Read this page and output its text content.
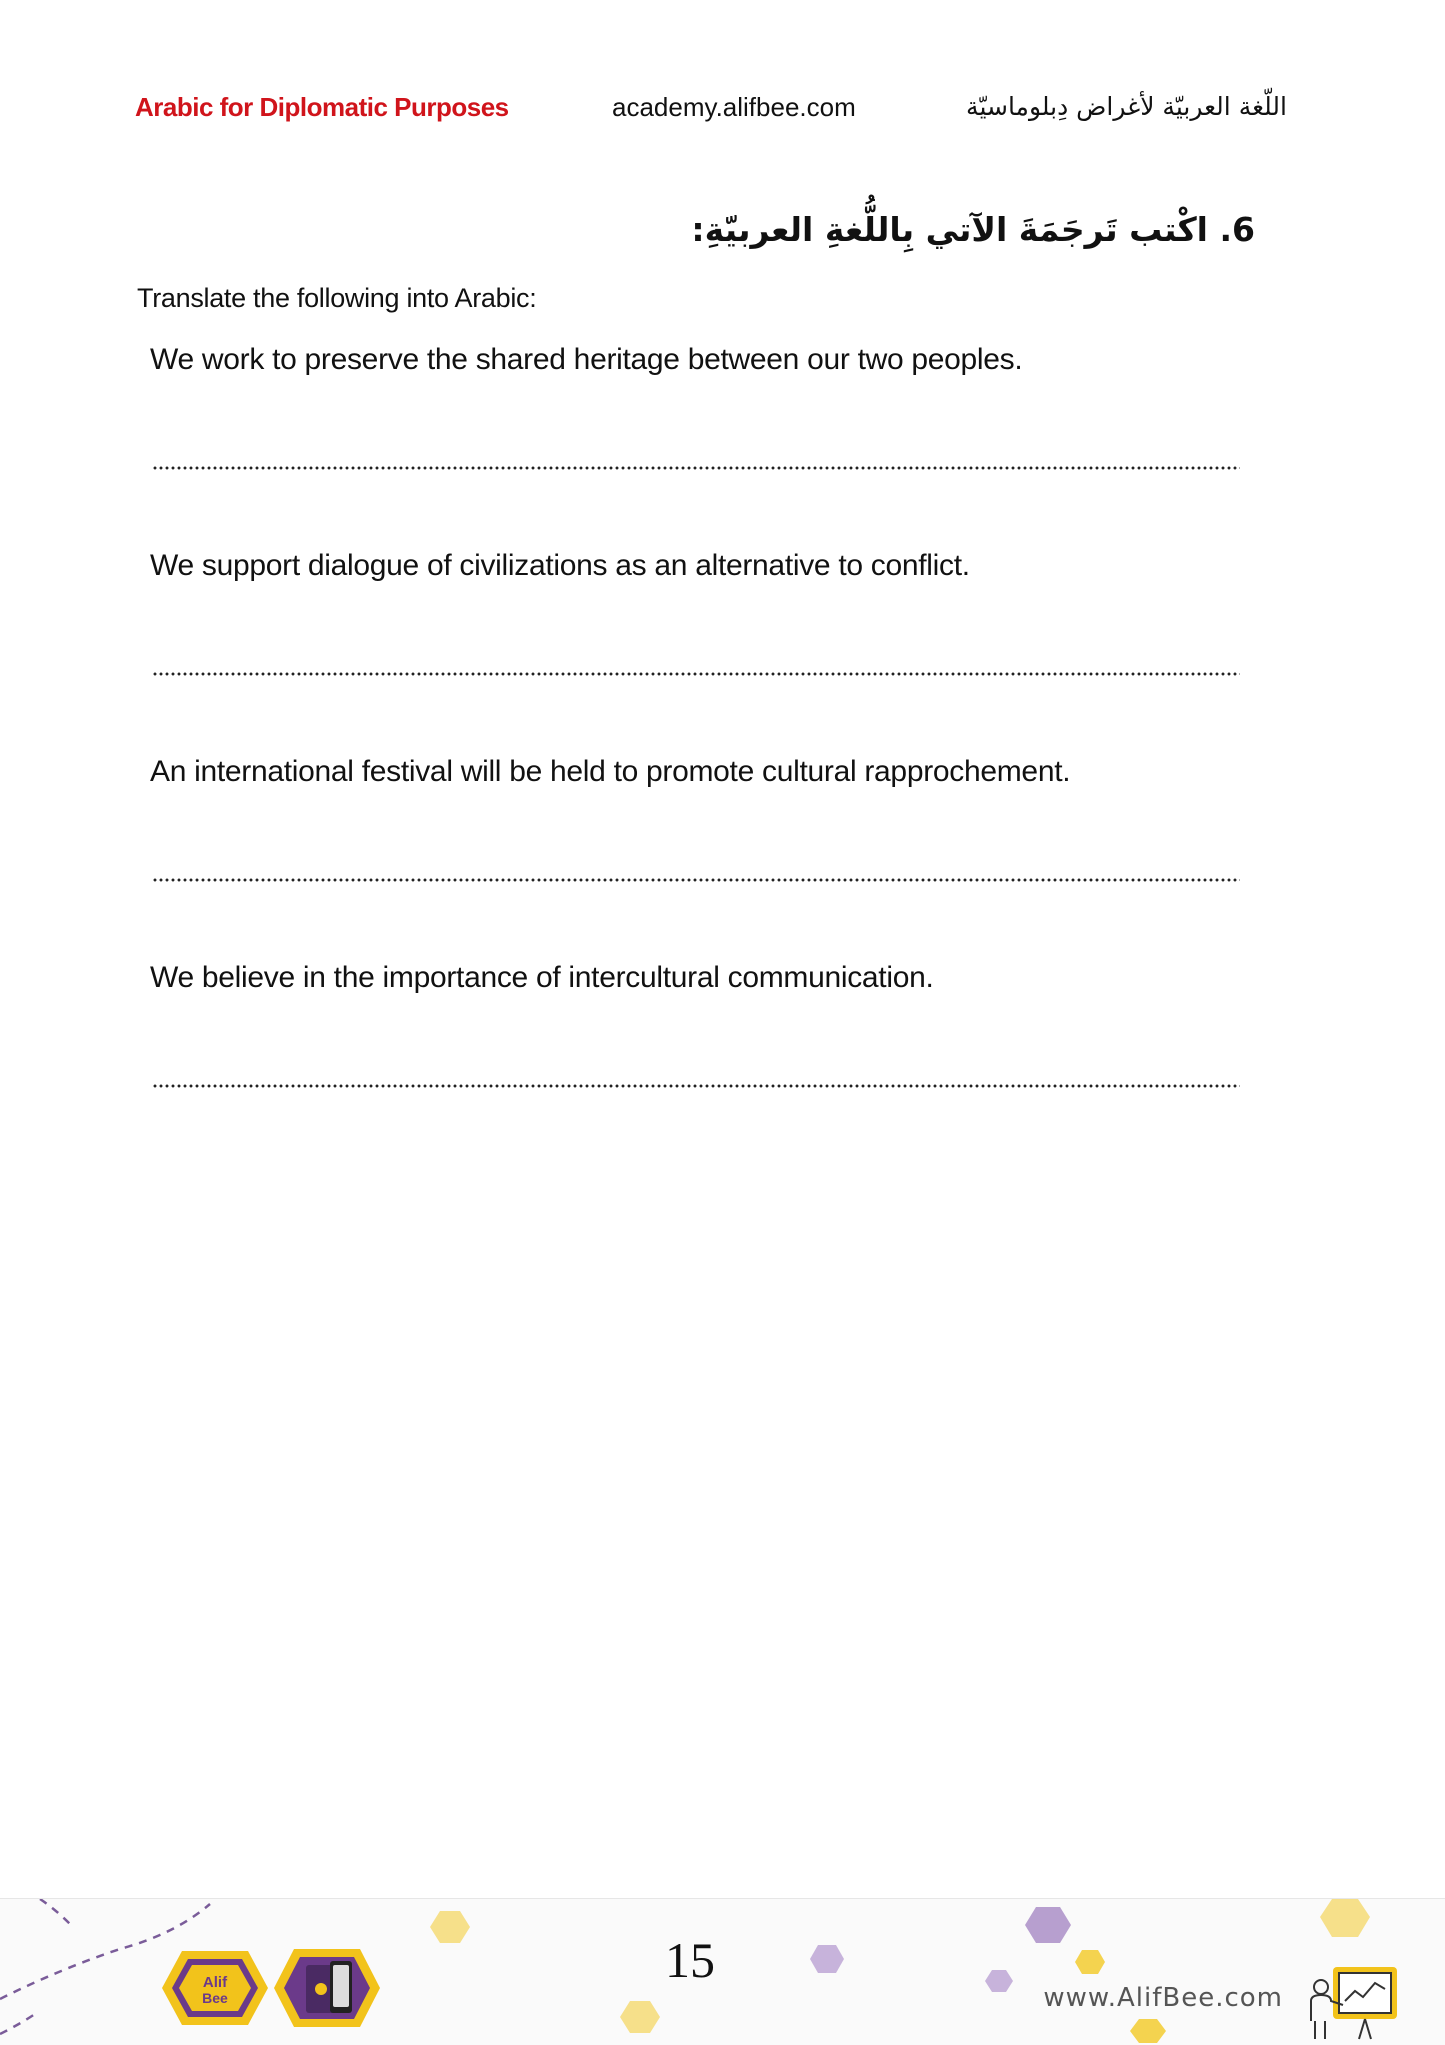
Arabic for Diplomatic Purposes	academy.alifbee.com	اللّغة العربيّة لأغراض دِبلوماسيّة
6. اكْتب تَرجَمَةَ الآتي بِاللُّغةِ العربيّةِ:
Translate the following into Arabic:
We work to preserve the shared heritage between our two peoples.
We support dialogue of civilizations as an alternative to conflict.
An international festival will be held to promote cultural rapprochement.
We believe in the importance of intercultural communication.
Alif
Bee
15
www.AlifBee.com
